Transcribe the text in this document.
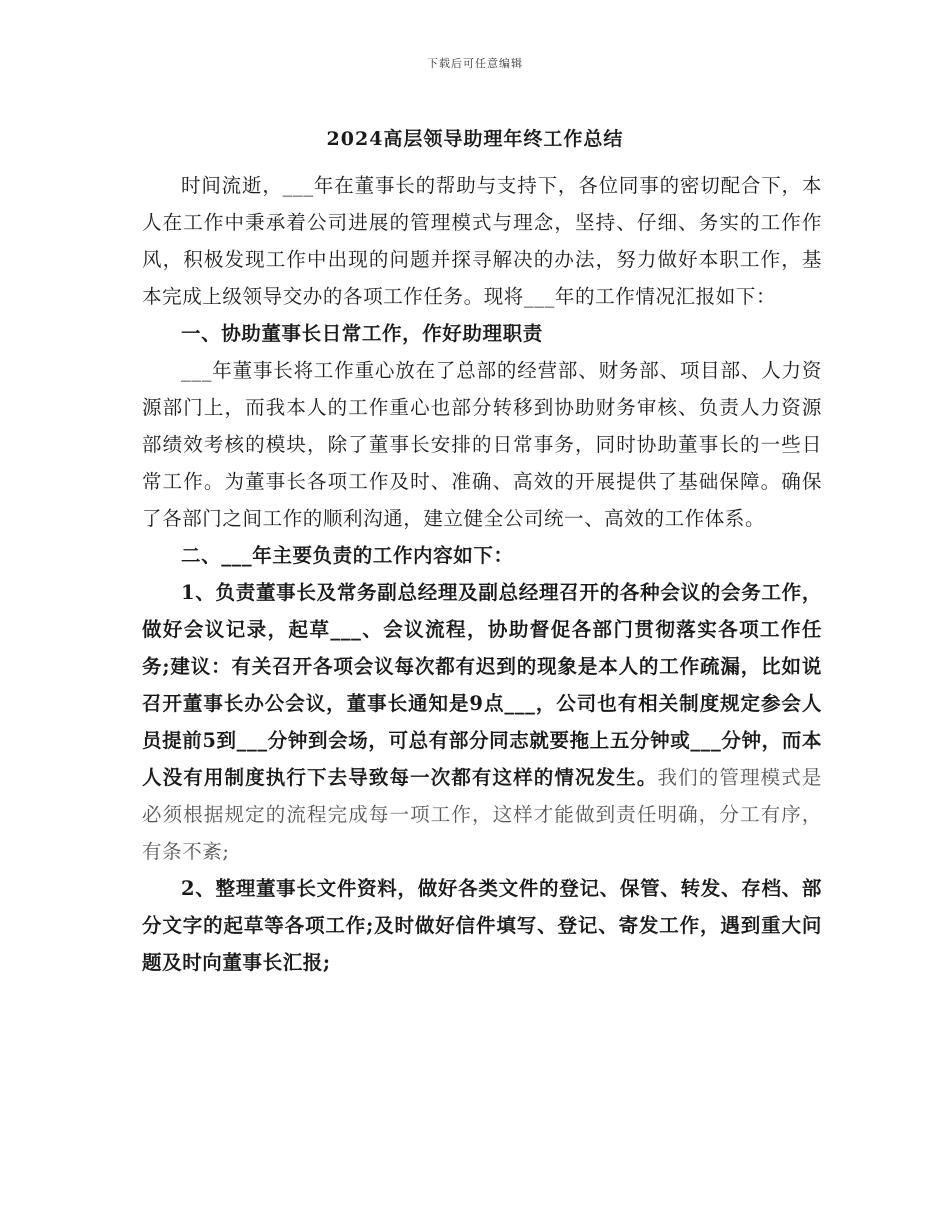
下载后可任意编辑
2024高层领导助理年终工作总结

时间流逝，___年在董事长的帮助与支持下，各位同事的密切配合下，本人在工作中秉承着公司进展的管理模式与理念，坚持、仔细、务实的工作作风，积极发现工作中出现的问题并探寻解决的办法，努力做好本职工作，基本完成上级领导交办的各项工作任务。现将___年的工作情况汇报如下：

一、协助董事长日常工作，作好助理职责

___年董事长将工作重心放在了总部的经营部、财务部、项目部、人力资源部门上，而我本人的工作重心也部分转移到协助财务审核、负责人力资源部绩效考核的模块，除了董事长安排的日常事务，同时协助董事长的一些日常工作。为董事长各项工作及时、准确、高效的开展提供了基础保障。确保了各部门之间工作的顺利沟通，建立健全公司统一、高效的工作体系。

二、___年主要负责的工作内容如下：

1、负责董事长及常务副总经理及副总经理召开的各种会议的会务工作，做好会议记录，起草___、会议流程，协助督促各部门贯彻落实各项工作任务;建议：有关召开各项会议每次都有迟到的现象是本人的工作疏漏，比如说召开董事长办公会议，董事长通知是9点___，公司也有相关制度规定参会人员提前5到___分钟到会场，可总有部分同志就要拖上五分钟或___分钟，而本人没有用制度执行下去导致每一次都有这样的情况发生。我们的管理模式是必须根据规定的流程完成每一项工作，这样才能做到责任明确，分工有序，有条不紊;

2、整理董事长文件资料，做好各类文件的登记、保管、转发、存档、部分文字的起草等各项工作;及时做好信件填写、登记、寄发工作，遇到重大问题及时向董事长汇报;
